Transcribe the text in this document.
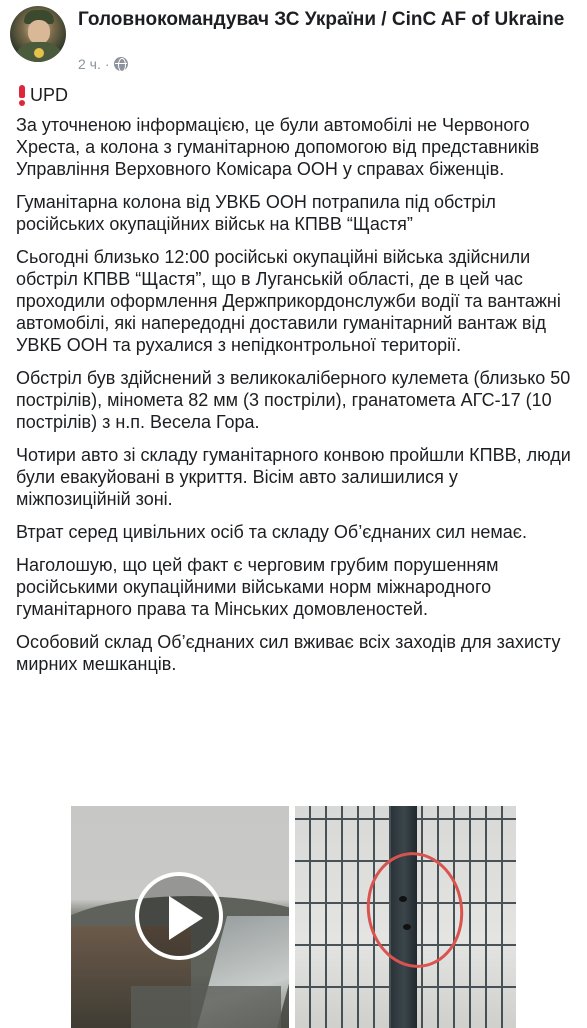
Головнокомандувач ЗС України / CinC AF of Ukraine
2 ч. ·
UPD

За уточненою інформацією, це були автомобілі не Червоного Хреста, а колона з гуманітарною допомогою від представників Управління Верховного Комісара ООН у справах біженців.

Гуманітарна колона від УВКБ ООН потрапила під обстріл російських окупаційних військ на КПВВ “Щастя”

Сьогодні близько 12:00 російські окупаційні війська здійснили обстріл КПВВ “Щастя”, що в Луганській області, де в цей час проходили оформлення Держприкордонслужби водії та вантажні автомобілі, які напередодні доставили гуманітарний вантаж від УВКБ ООН та рухалися з непідконтрольної території.

Обстріл був здійснений з великокаліберного кулемета (близько 50 пострілів), міномета 82 мм (3 постріли), гранатомета АГС-17 (10 пострілів) з н.п. Весела Гора.

Чотири авто зі складу гуманітарного конвою пройшли КПВВ, люди були евакуйовані в укриття. Вісім авто залишилися у міжпозиційній зоні.

Втрат серед цивільних осіб та складу Об’єднаних сил немає.

Наголошую, що цей факт є черговим грубим порушенням російськими окупаційними військами норм міжнародного гуманітарного права та Мінських домовленостей.

Особовий склад Об’єднаних сил вживає всіх заходів для захисту мирних мешканців.
